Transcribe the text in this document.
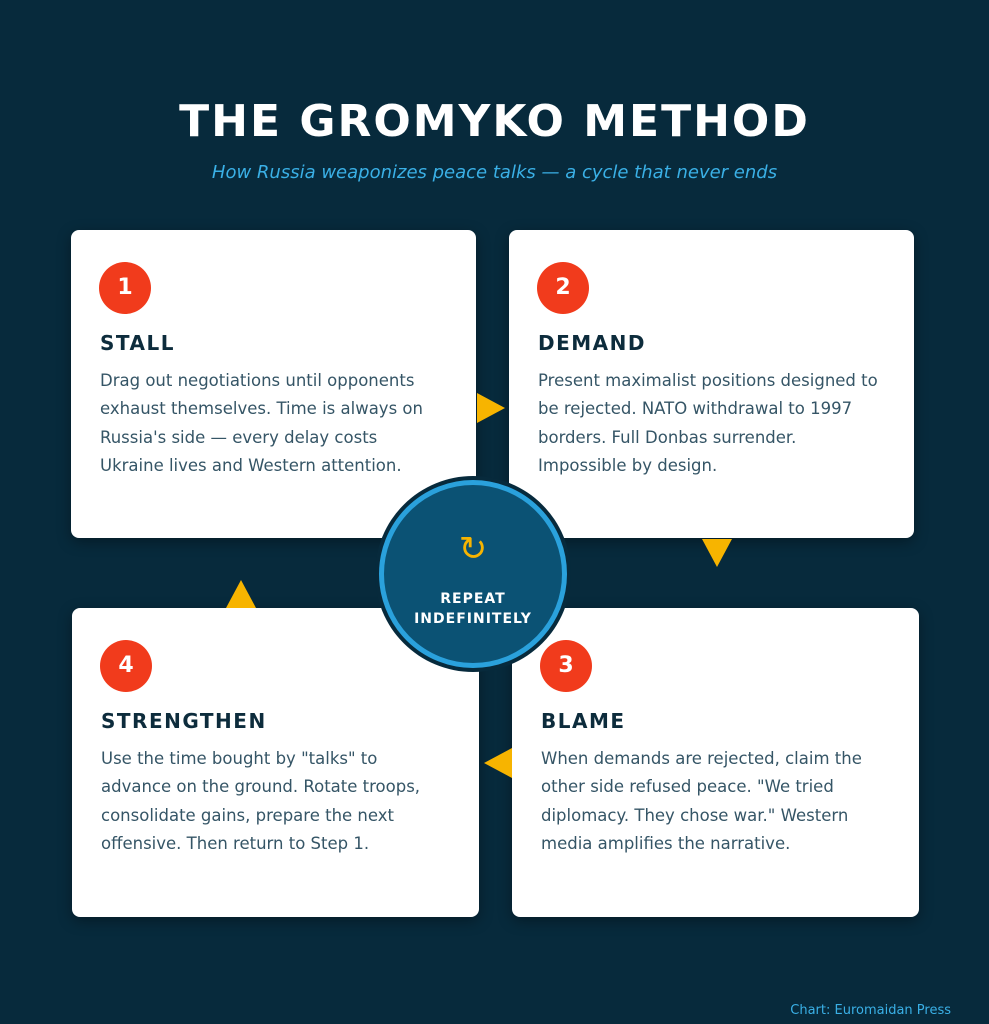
THE GROMYKO METHOD
How Russia weaponizes peace talks — a cycle that never ends
1
STALL
Drag out negotiations until opponents exhaust themselves. Time is always on Russia's side — every delay costs Ukraine lives and Western attention.
2
DEMAND
Present maximalist positions designed to be rejected. NATO withdrawal to 1997 borders. Full Donbas surrender. Impossible by design.
3
BLAME
When demands are rejected, claim the other side refused peace. "We tried diplomacy. They chose war." Western media amplifies the narrative.
4
STRENGTHEN
Use the time bought by "talks" to advance on the ground. Rotate troops, consolidate gains, prepare the next offensive. Then return to Step 1.
↻
REPEAT
INDEFINITELY
Chart: Euromaidan Press
